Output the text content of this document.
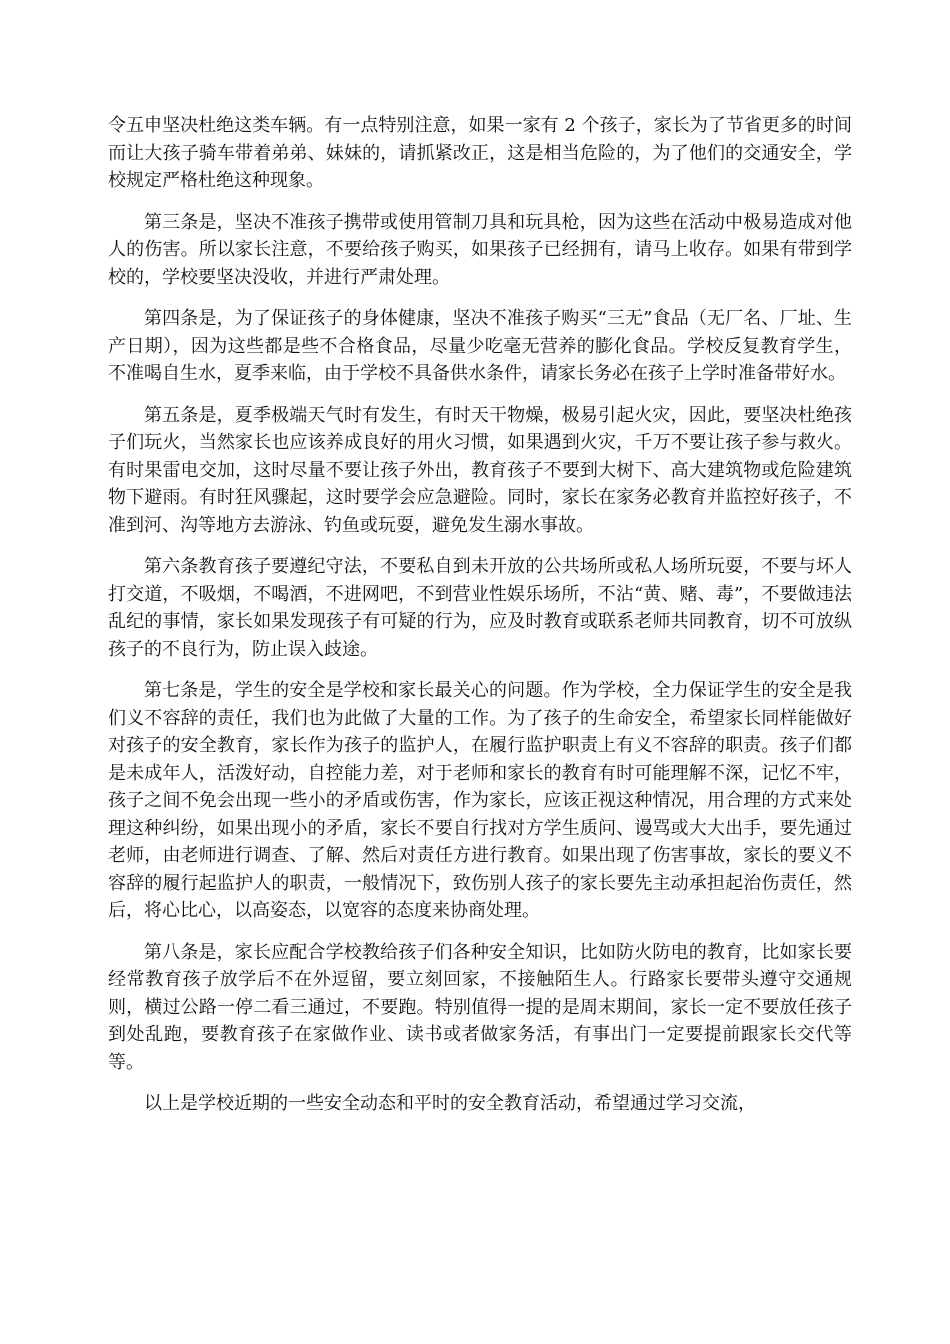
令五申坚决杜绝这类车辆。有一点特别注意，如果一家有 2 个孩子，家长为了节省更多的时间而让大孩子骑车带着弟弟、妹妹的，请抓紧改正，这是相当危险的，为了他们的交通安全，学校规定严格杜绝这种现象。

第三条是，坚决不准孩子携带或使用管制刀具和玩具枪，因为这些在活动中极易造成对他人的伤害。所以家长注意，不要给孩子购买，如果孩子已经拥有，请马上收存。如果有带到学校的，学校要坚决没收，并进行严肃处理。

第四条是，为了保证孩子的身体健康，坚决不准孩子购买“三无”食品（无厂名、厂址、生产日期），因为这些都是些不合格食品，尽量少吃毫无营养的膨化食品。学校反复教育学生，不准喝自生水，夏季来临，由于学校不具备供水条件，请家长务必在孩子上学时准备带好水。

第五条是，夏季极端天气时有发生，有时天干物燥，极易引起火灾，因此，要坚决杜绝孩子们玩火，当然家长也应该养成良好的用火习惯，如果遇到火灾，千万不要让孩子参与救火。有时果雷电交加，这时尽量不要让孩子外出，教育孩子不要到大树下、高大建筑物或危险建筑物下避雨。有时狂风骤起，这时要学会应急避险。同时，家长在家务必教育并监控好孩子，不准到河、沟等地方去游泳、钓鱼或玩耍，避免发生溺水事故。

第六条教育孩子要遵纪守法，不要私自到未开放的公共场所或私人场所玩耍，不要与坏人打交道，不吸烟，不喝酒，不进网吧，不到营业性娱乐场所，不沾“黄、赌、毒”，不要做违法乱纪的事情，家长如果发现孩子有可疑的行为，应及时教育或联系老师共同教育，切不可放纵孩子的不良行为，防止误入歧途。

第七条是，学生的安全是学校和家长最关心的问题。作为学校，全力保证学生的安全是我们义不容辞的责任，我们也为此做了大量的工作。为了孩子的生命安全，希望家长同样能做好对孩子的安全教育，家长作为孩子的监护人，在履行监护职责上有义不容辞的职责。孩子们都是未成年人，活泼好动，自控能力差，对于老师和家长的教育有时可能理解不深，记忆不牢，孩子之间不免会出现一些小的矛盾或伤害，作为家长，应该正视这种情况，用合理的方式来处理这种纠纷，如果出现小的矛盾，家长不要自行找对方学生质问、谩骂或大大出手，要先通过老师，由老师进行调查、了解、然后对责任方进行教育。如果出现了伤害事故，家长的要义不容辞的履行起监护人的职责，一般情况下，致伤别人孩子的家长要先主动承担起治伤责任，然后，将心比心，以高姿态，以宽容的态度来协商处理。

第八条是，家长应配合学校教给孩子们各种安全知识，比如防火防电的教育，比如家长要经常教育孩子放学后不在外逗留，要立刻回家，不接触陌生人。行路家长要带头遵守交通规则，横过公路一停二看三通过，不要跑。特别值得一提的是周末期间，家长一定不要放任孩子到处乱跑，要教育孩子在家做作业、读书或者做家务活，有事出门一定要提前跟家长交代等等。

以上是学校近期的一些安全动态和平时的安全教育活动，希望通过学习交流，
